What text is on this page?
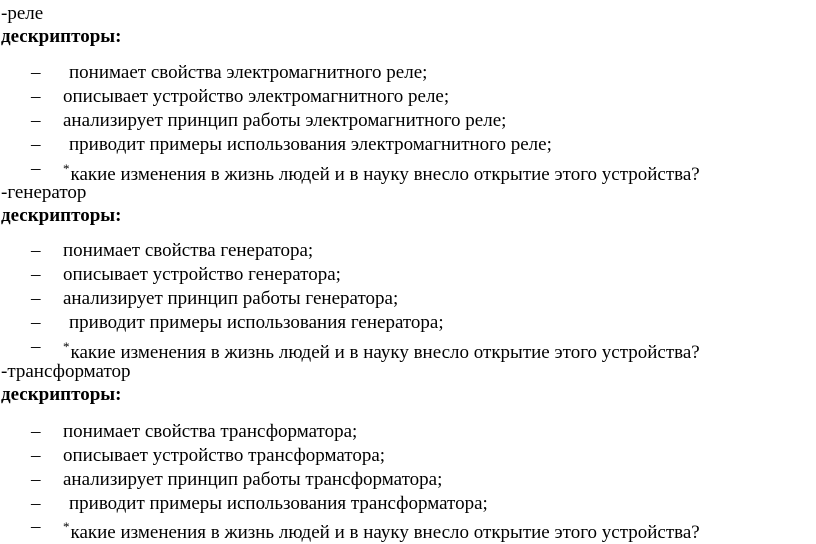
-реле
дескрипторы:
– понимает свойства электромагнитного реле;
– описывает устройство электромагнитного реле;
– анализирует принцип работы электромагнитного реле;
– приводит примеры использования электромагнитного реле;
– *какие изменения в жизнь людей и в науку внесло открытие этого устройства?
-генератор
дескрипторы:
– понимает свойства генератора;
– описывает устройство генератора;
– анализирует принцип работы генератора;
– приводит примеры использования генератора;
– *какие изменения в жизнь людей и в науку внесло открытие этого устройства?
-трансформатор
дескрипторы:
– понимает свойства трансформатора;
– описывает устройство трансформатора;
– анализирует принцип работы трансформатора;
– приводит примеры использования трансформатора;
– *какие изменения в жизнь людей и в науку внесло открытие этого устройства?
